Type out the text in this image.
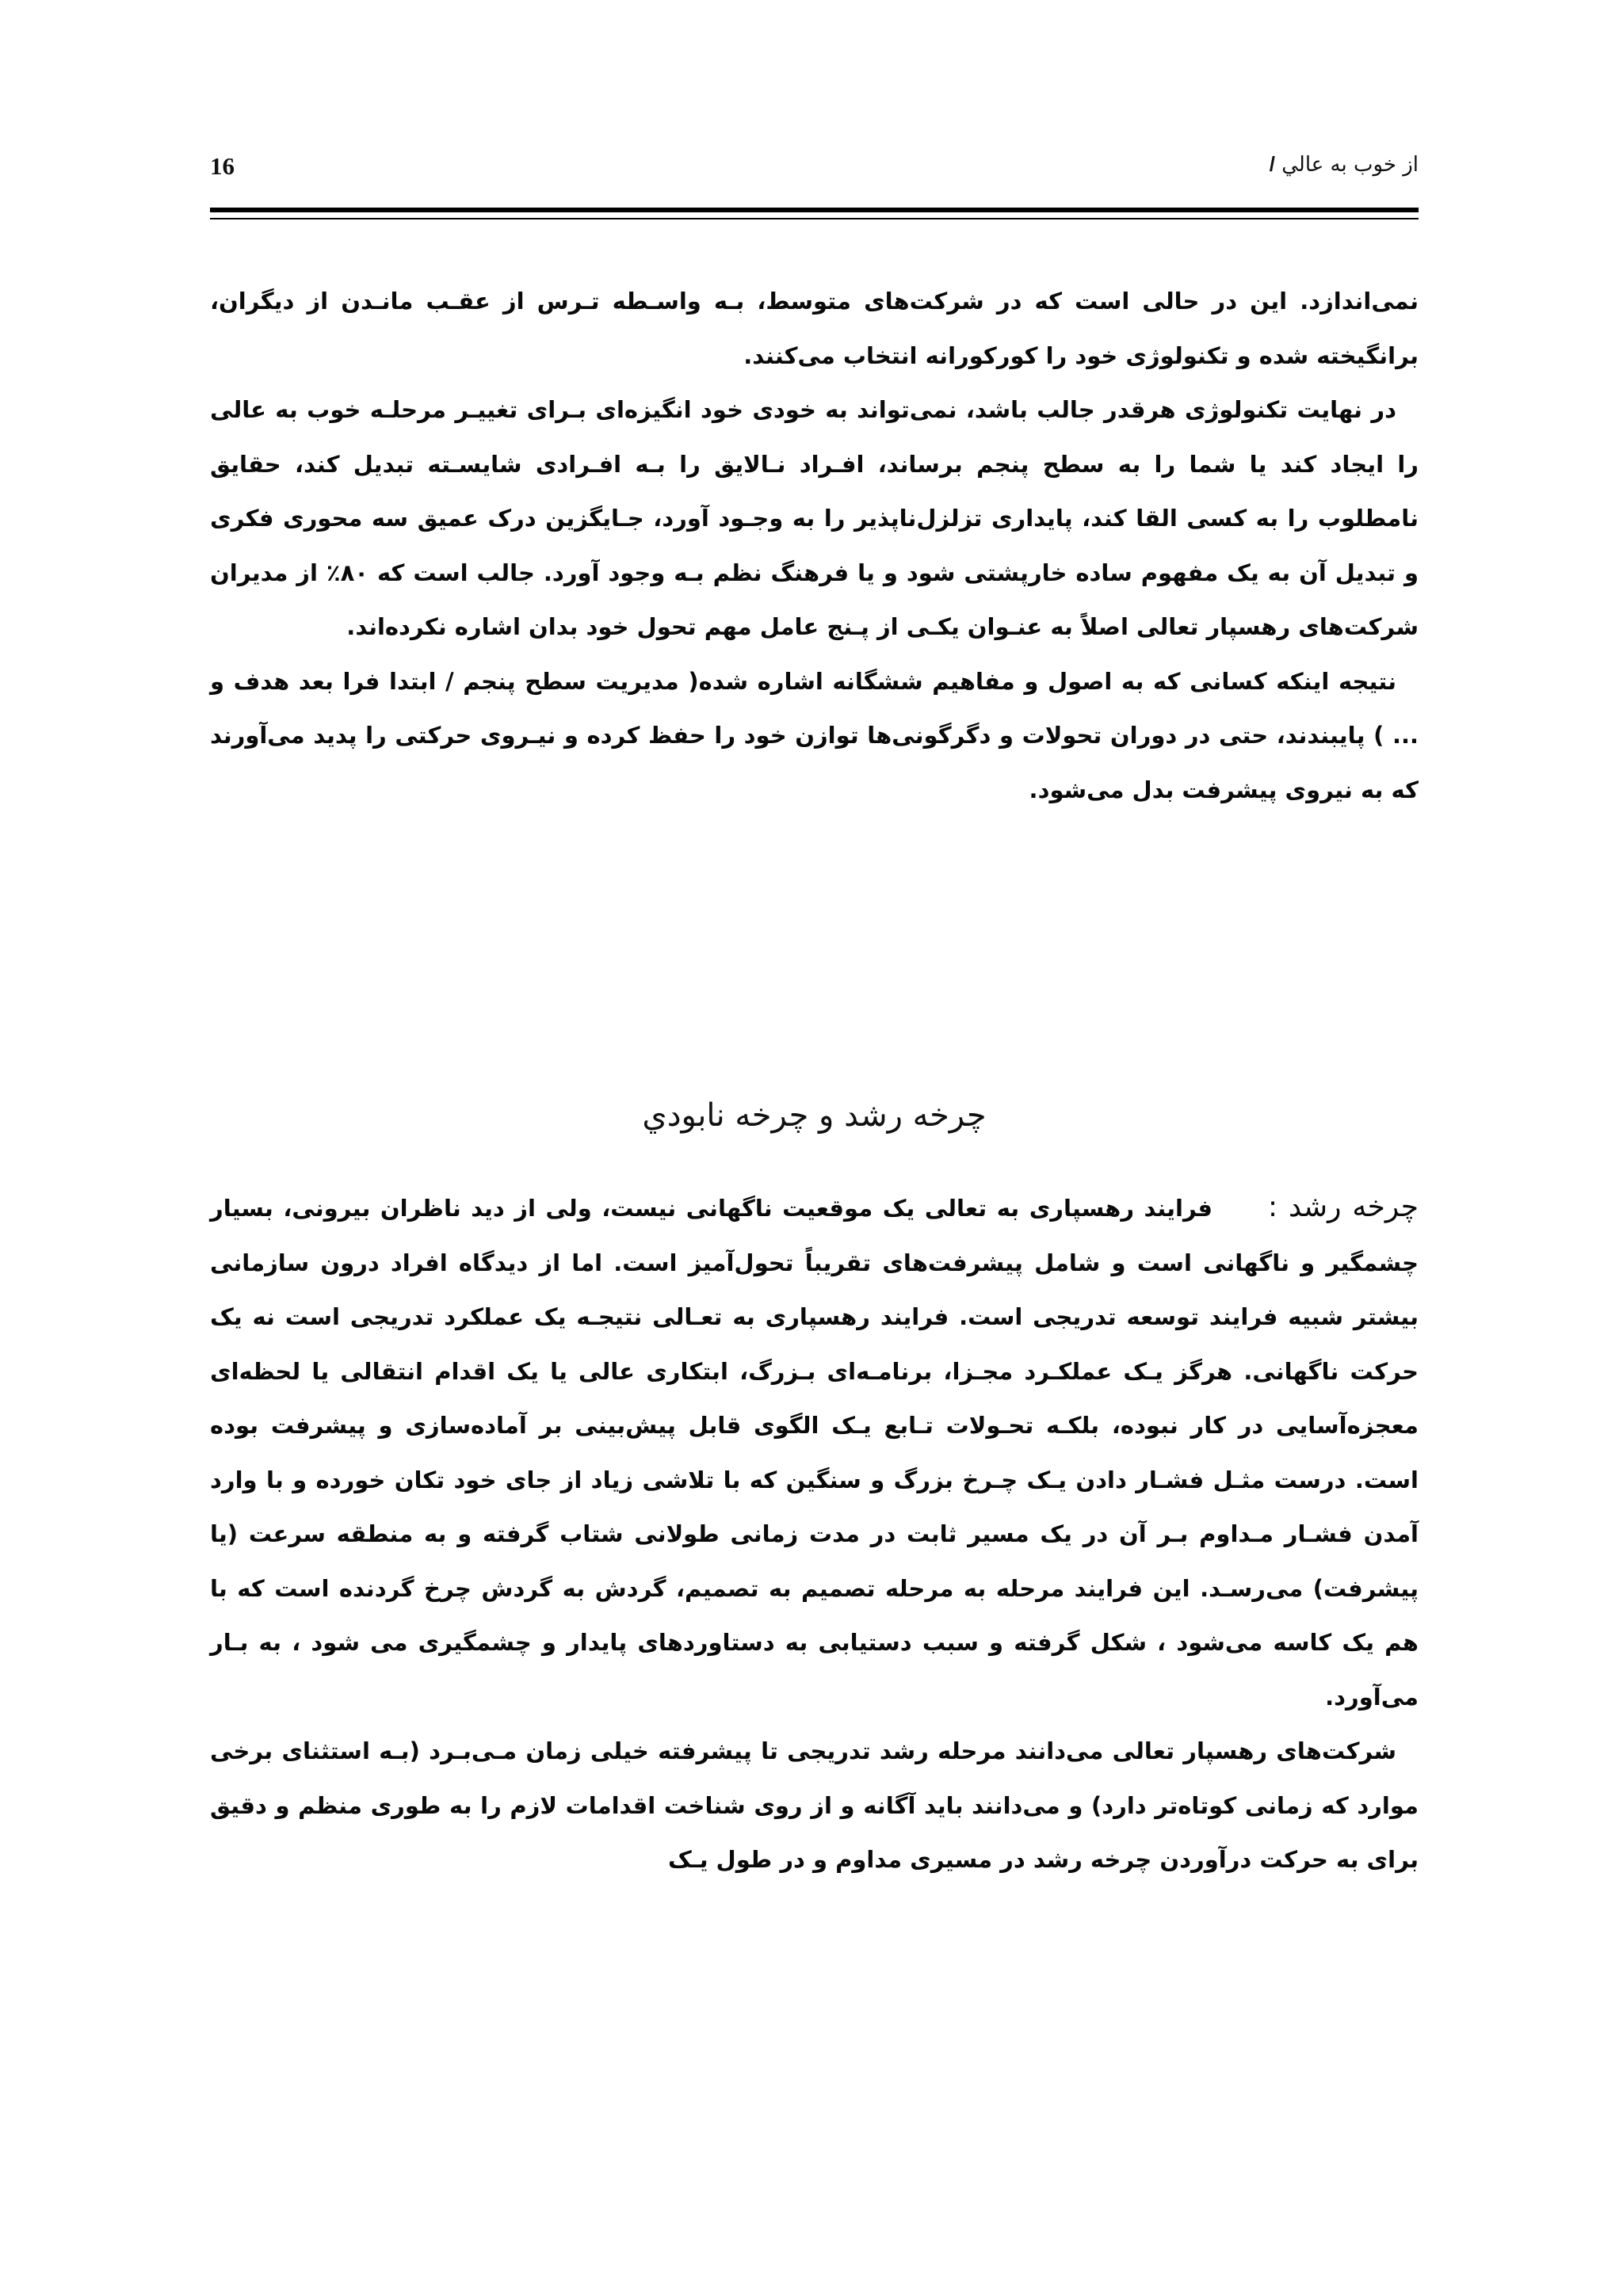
16	از خوب به عالي /

نمی‌اندازد. این در حالی است که در شرکت‌های متوسط، بـه واسـطه تـرس از عقـب مانـدن از دیگران، برانگیخته شده و تکنولوژی خود را کورکورانه انتخاب می‌کنند.

در نهایت تکنولوژی هرقدر جالب باشد، نمی‌تواند به خودی خود انگیزه‌ای بـرای تغییـر مرحلـه خوب به عالی را ایجاد کند یا شما را به سطح پنجم برساند، افـراد نـالایق را بـه افـرادی شایسـته تبدیل کند، حقایق نامطلوب را به کسی القا کند، پایداری تزلزل‌ناپذیر را به وجـود آورد، جـایگزین درک عمیق سه محوری فکری و تبدیل آن به یک مفهوم ساده خارپشتی شود و یا فرهنگ نظم بـه وجود آورد. جالب است که ۸۰٪ از مدیران شرکت‌های رهسپار تعالی اصلاً به عنـوان یکـی از پـنج عامل مهم تحول خود بدان اشاره نکرده‌اند.

نتیجه اینکه کسانی که به اصول و مفاهیم ششگانه اشاره شده( مدیریت سطح پنجم / ابتدا فرا بعد هدف و ... ) پایبندند، حتی در دوران تحولات و دگرگونی‌ها توازن خود را حفظ کرده و نیـروی حرکتی را پدید می‌آورند که به نیروی پیشرفت بدل می‌شود.

چرخه رشد و چرخه نابودي

چرخه رشد :فرایند رهسپاری به تعالی یک موقعیت ناگهانی نیست، ولی از دید ناظران بیرونی، بسیار چشمگیر و ناگهانی است و شامل پیشرفت‌های تقریباً تحول‌آمیز است. اما از دیدگاه افراد درون سازمانی بیشتر شبیه فرایند توسعه تدریجی است. فرایند رهسپاری به تعـالی نتیجـه یک عملکرد تدریجی است نه یک حرکت ناگهانی. هرگز یـک عملکـرد مجـزا، برنامـه‌ای بـزرگ، ابتکاری عالی یا یک اقدام انتقالی یا لحظه‌ای معجزه‌آسایی در کار نبوده، بلکـه تحـولات تـابع یـک الگوی قابل پیش‌بینی بر آماده‌سازی و پیشرفت بوده است. درست مثـل فشـار دادن یـک چـرخ بزرگ و سنگین که با تلاشی زیاد از جای خود تکان خورده و با وارد آمدن فشـار مـداوم بـر آن در یک مسیر ثابت در مدت زمانی طولانی شتاب گرفته و به منطقه سرعت (یا پیشرفت) می‌رسـد. این فرایند مرحله به مرحله تصمیم به تصمیم، گردش به گردش چرخ گردنده است که با هم یک کاسه می‌شود ، شکل گرفته و سبب دستیابی به دستاوردهای پایدار و چشمگیری می شود ، به بـار می‌آورد.

شرکت‌های رهسپار تعالی می‌دانند مرحله رشد تدریجی تا پیشرفته خیلی زمان مـی‌بـرد (بـه استثنای برخی موارد که زمانی کوتاه‌تر دارد) و می‌دانند باید آگانه و از روی شناخت اقدامات لازم را به طوری منظم و دقیق برای به حرکت درآوردن چرخه رشد در مسیری مداوم و در طول یـک
